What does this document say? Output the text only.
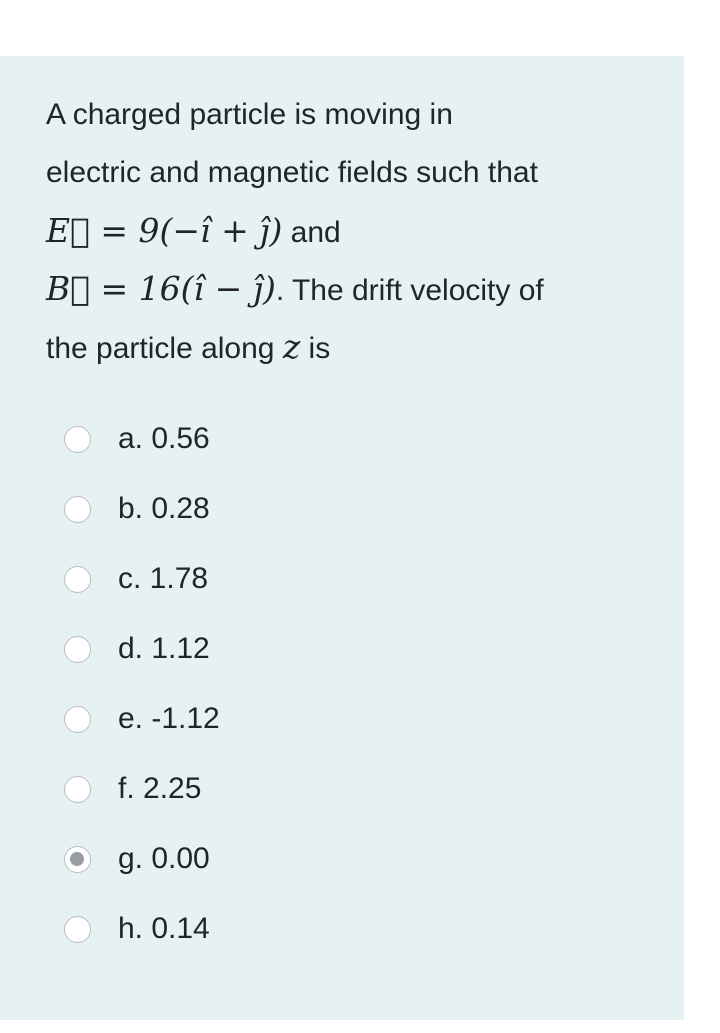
A charged particle is moving in
electric and magnetic fields such that
E⃗ = 9(−î + ĵ) and
B⃗ = 16(î − ĵ). The drift velocity of
the particle along z is
a. 0.56
b. 0.28
c. 1.78
d. 1.12
e. -1.12
f. 2.25
g. 0.00
h. 0.14
